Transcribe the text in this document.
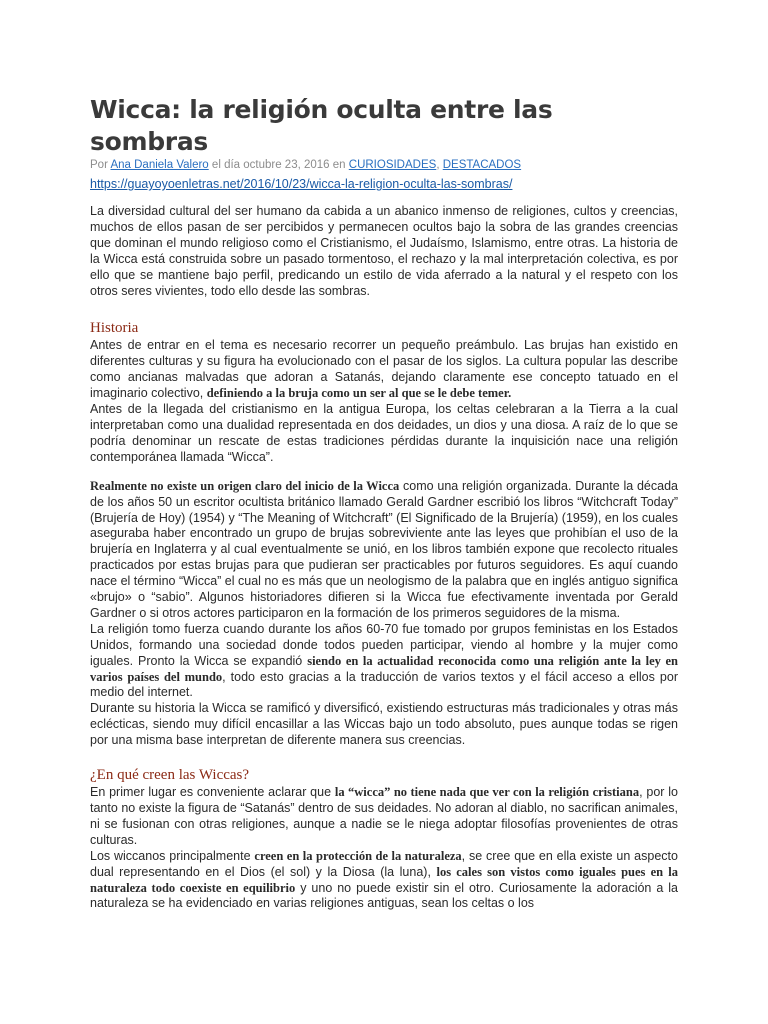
Wicca: la religión oculta entre las sombras

Por Ana Daniela Valero el día octubre 23, 2016 en CURIOSIDADES, DESTACADOS

https://guayoyoenletras.net/2016/10/23/wicca-la-religion-oculta-las-sombras/

La diversidad cultural del ser humano da cabida a un abanico inmenso de religiones, cultos y creencias, muchos de ellos pasan de ser percibidos y permanecen ocultos bajo la sobra de las grandes creencias que dominan el mundo religioso como el Cristianismo, el Judaísmo, Islamismo, entre otras. La historia de la Wicca está construida sobre un pasado tormentoso, el rechazo y la mal interpretación colectiva, es por ello que se mantiene bajo perfil, predicando un estilo de vida aferrado a la natural y el respeto con los otros seres vivientes, todo ello desde las sombras.

Historia

Antes de entrar en el tema es necesario recorrer un pequeño preámbulo. Las brujas han existido en diferentes culturas y su figura ha evolucionado con el pasar de los siglos. La cultura popular las describe como ancianas malvadas que adoran a Satanás, dejando claramente ese concepto tatuado en el imaginario colectivo, definiendo a la bruja como un ser al que se le debe temer.

Antes de la llegada del cristianismo en la antigua Europa, los celtas celebraran a la Tierra a la cual interpretaban como una dualidad representada en dos deidades, un dios y una diosa. A raíz de lo que se podría denominar un rescate de estas tradiciones pérdidas durante la inquisición nace una religión contemporánea llamada “Wicca”.

Realmente no existe un origen claro del inicio de la Wicca como una religión organizada. Durante la década de los años 50 un escritor ocultista británico llamado Gerald Gardner escribió los libros “Witchcraft Today” (Brujería de Hoy) (1954) y “The Meaning of Witchcraft” (El Significado de la Brujería) (1959), en los cuales aseguraba haber encontrado un grupo de brujas sobreviviente ante las leyes que prohibían el uso de la brujería en Inglaterra y al cual eventualmente se unió, en los libros también expone que recolecto rituales practicados por estas brujas para que pudieran ser practicables por futuros seguidores. Es aquí cuando nace el término “Wicca” el cual no es más que un neologismo de la palabra que en inglés antiguo significa «brujo» o “sabio”. Algunos historiadores difieren si la Wicca fue efectivamente inventada por Gerald Gardner o si otros actores participaron en la formación de los primeros seguidores de la misma.

La religión tomo fuerza cuando durante los años 60-70 fue tomado por grupos feministas en los Estados Unidos, formando una sociedad donde todos pueden participar, viendo al hombre y la mujer como iguales. Pronto la Wicca se expandió siendo en la actualidad reconocida como una religión ante la ley en varios países del mundo, todo esto gracias a la traducción de varios textos y el fácil acceso a ellos por medio del internet.

Durante su historia la Wicca se ramificó y diversificó, existiendo estructuras más tradicionales y otras más eclécticas, siendo muy difícil encasillar a las Wiccas bajo un todo absoluto, pues aunque todas se rigen por una misma base interpretan de diferente manera sus creencias.

¿En qué creen las Wiccas?

En primer lugar es conveniente aclarar que la “wicca” no tiene nada que ver con la religión cristiana, por lo tanto no existe la figura de “Satanás” dentro de sus deidades. No adoran al diablo, no sacrifican animales, ni se fusionan con otras religiones, aunque a nadie se le niega adoptar filosofías provenientes de otras culturas.

Los wiccanos principalmente creen en la protección de la naturaleza, se cree que en ella existe un aspecto dual representando en el Dios (el sol) y la Diosa (la luna), los cales son vistos como iguales pues en la naturaleza todo coexiste en equilibrio y uno no puede existir sin el otro. Curiosamente la adoración a la naturaleza se ha evidenciado en varias religiones antiguas, sean los celtas o los
